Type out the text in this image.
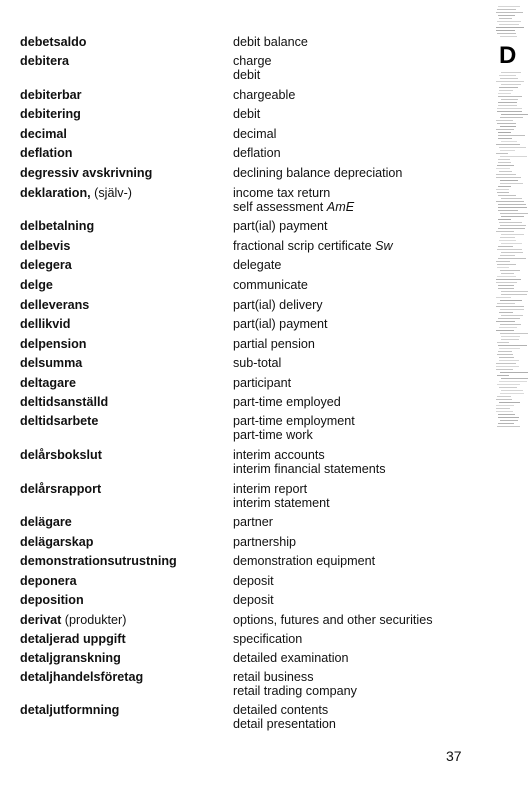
D
debetsaldo	debit balance
debitera	charge
debit
debiterbar	chargeable
debitering	debit
decimal	decimal
deflation	deflation
degressiv avskrivning	declining balance depreciation
deklaration, (själv-)	income tax return
self assessment AmE
delbetalning	part(ial) payment
delbevis	fractional scrip certificate Sw
delegera	delegate
delge	communicate
delleverans	part(ial) delivery
dellikvid	part(ial) payment
delpension	partial pension
delsumma	sub-total
deltagare	participant
deltidsanställd	part-time employed
deltidsarbete	part-time employment
part-time work
delårsbokslut	interim accounts
interim financial statements
delårsrapport	interim report
interim statement
delägare	partner
delägarskap	partnership
demonstrationsutrustning	demonstration equipment
deponera	deposit
deposition	deposit
derivat (produkter)	options, futures and other securities
detaljerad uppgift	specification
detaljgranskning	detailed examination
detaljhandelsföretag	retail business
retail trading company
detaljutformning	detailed contents
detail presentation
37
